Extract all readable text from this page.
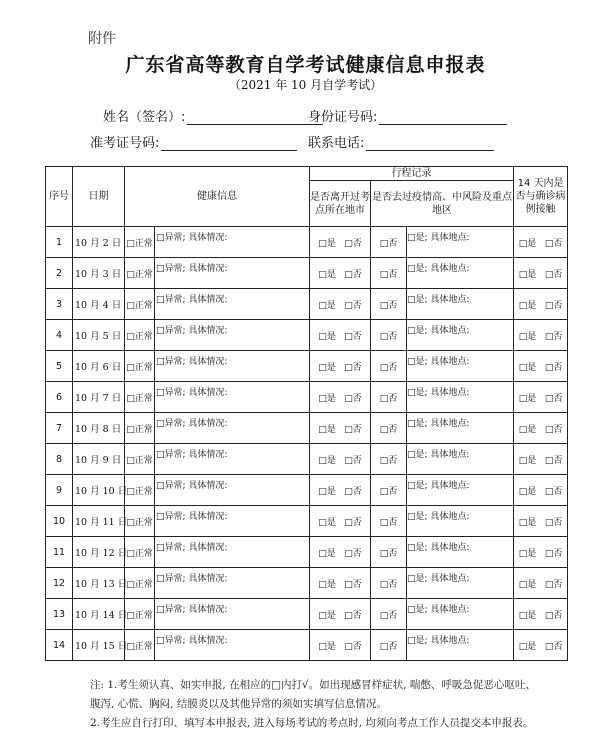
附件
广东省高等教育自学考试健康信息申报表
（2021 年 10 月自学考试）
姓名（签名）:	身份证号码:
准考证号码:	联系电话:
序号	日期	健康信息		行程记录			14 天内是否与确诊病例接触
				是否离开过考点所在地市	是否去过疫情高、中风险及重点地区		
1	10 月 2 日	□正常	□异常; 具体情况:	□是 □否	□否	□是; 具体地点:	□是 □否
2	10 月 3 日	□正常	□异常; 具体情况:	□是 □否	□否	□是; 具体地点:	□是 □否
3	10 月 4 日	□正常	□异常; 具体情况:	□是 □否	□否	□是; 具体地点:	□是 □否
4	10 月 5 日	□正常	□异常; 具体情况:	□是 □否	□否	□是; 具体地点:	□是 □否
5	10 月 6 日	□正常	□异常; 具体情况:	□是 □否	□否	□是; 具体地点:	□是 □否
6	10 月 7 日	□正常	□异常; 具体情况:	□是 □否	□否	□是; 具体地点:	□是 □否
7	10 月 8 日	□正常	□异常; 具体情况:	□是 □否	□否	□是; 具体地点:	□是 □否
8	10 月 9 日	□正常	□异常; 具体情况:	□是 □否	□否	□是; 具体地点:	□是 □否
9	10 月 10 日	□正常	□异常; 具体情况:	□是 □否	□否	□是; 具体地点:	□是 □否
10	10 月 11 日	□正常	□异常; 具体情况:	□是 □否	□否	□是; 具体地点:	□是 □否
11	10 月 12 日	□正常	□异常; 具体情况:	□是 □否	□否	□是; 具体地点:	□是 □否
12	10 月 13 日	□正常	□异常; 具体情况:	□是 □否	□否	□是; 具体地点:	□是 □否
13	10 月 14 日	□正常	□异常; 具体情况:	□是 □否	□否	□是; 具体地点:	□是 □否
14	10 月 15 日	□正常	□异常; 具体情况:	□是 □否	□否	□是; 具体地点:	□是 □否
注: 1.考生须认真、如实申报, 在相应的□内打√。如出现感冒样症状, 喘憋、呼吸急促恶心呕吐、腹泻, 心慌、胸闷, 结膜炎以及其他异常的须如实填写信息情况。
2.考生应自行打印、填写本申报表, 进入每场考试的考点时, 均须向考点工作人员提交本申报表。
